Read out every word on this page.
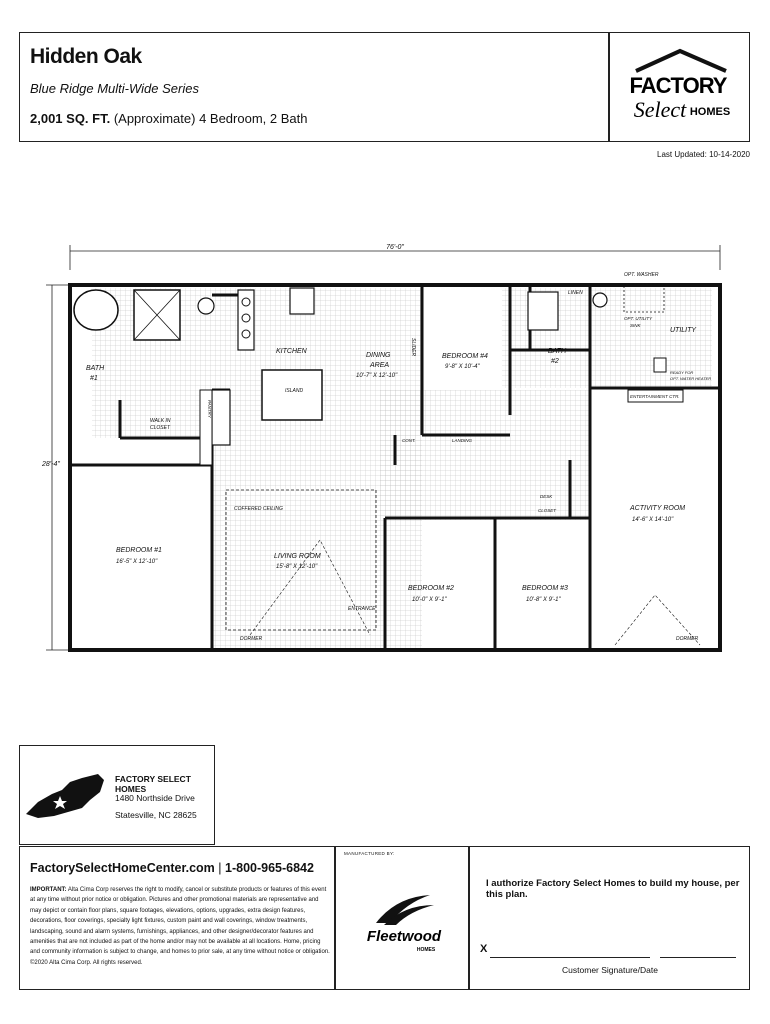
Hidden Oak
Blue Ridge Multi-Wide Series
2,001 SQ. FT. (Approximate) 4 Bedroom, 2 Bath
FACTORY
Select HOMES
Last Updated: 10-14-2020
76'-0"
28'-4"
BATH
#1
WALK IN
CLOSET
KITCHEN
ISLAND
DINING
AREA
10'-7" X 12'-10"
SLIDER
BEDROOM #4
9'-8" X 10'-4"
BATH
#2
LINEN
OPT. WASHER
OPT. UTILITY
SINK
UTILITY
READY FOR
OPT. WATER HEATER
ENTERTAINMENT CTR.
PANTRY
CONT.	LANDING
DESK
CLOSET
COFFERED CEILING
DORMER
LIVING ROOM
15'-8" X 12'-10"
ENTRANCE
BEDROOM #1
16'-5" X 12'-10"
BEDROOM #2
10'-0" X 9'-1"
BEDROOM #3
10'-8" X 9'-1"
ACTIVITY ROOM
14'-6" X 14'-10"
DORMER
FACTORY SELECT HOMES
1480 Northside Drive
Statesville, NC 28625
FactorySelectHomeCenter.com | 1-800-965-6842
IMPORTANT: Alta Cima Corp reserves the right to modify, cancel or substitute products or features of this event at any time without prior notice or obligation. Pictures and other promotional materials are representative and may depict or contain floor plans, square footages, elevations, options, upgrades, extra design features, decorations, floor coverings, specialty light fixtures, custom paint and wall coverings, window treatments, landscaping, sound and alarm systems, furnishings, appliances, and other designer/decorator features and amenities that are not included as part of the home and/or may not be available at all locations. Home, pricing and community information is subject to change, and homes to prior sale, at any time without notice or obligation. ©2020 Alta Cima Corp. All rights reserved.
MANUFACTURED BY:
Fleetwood
HOMES
I authorize Factory Select Homes to build my house, per this plan.
X
Customer Signature/Date
